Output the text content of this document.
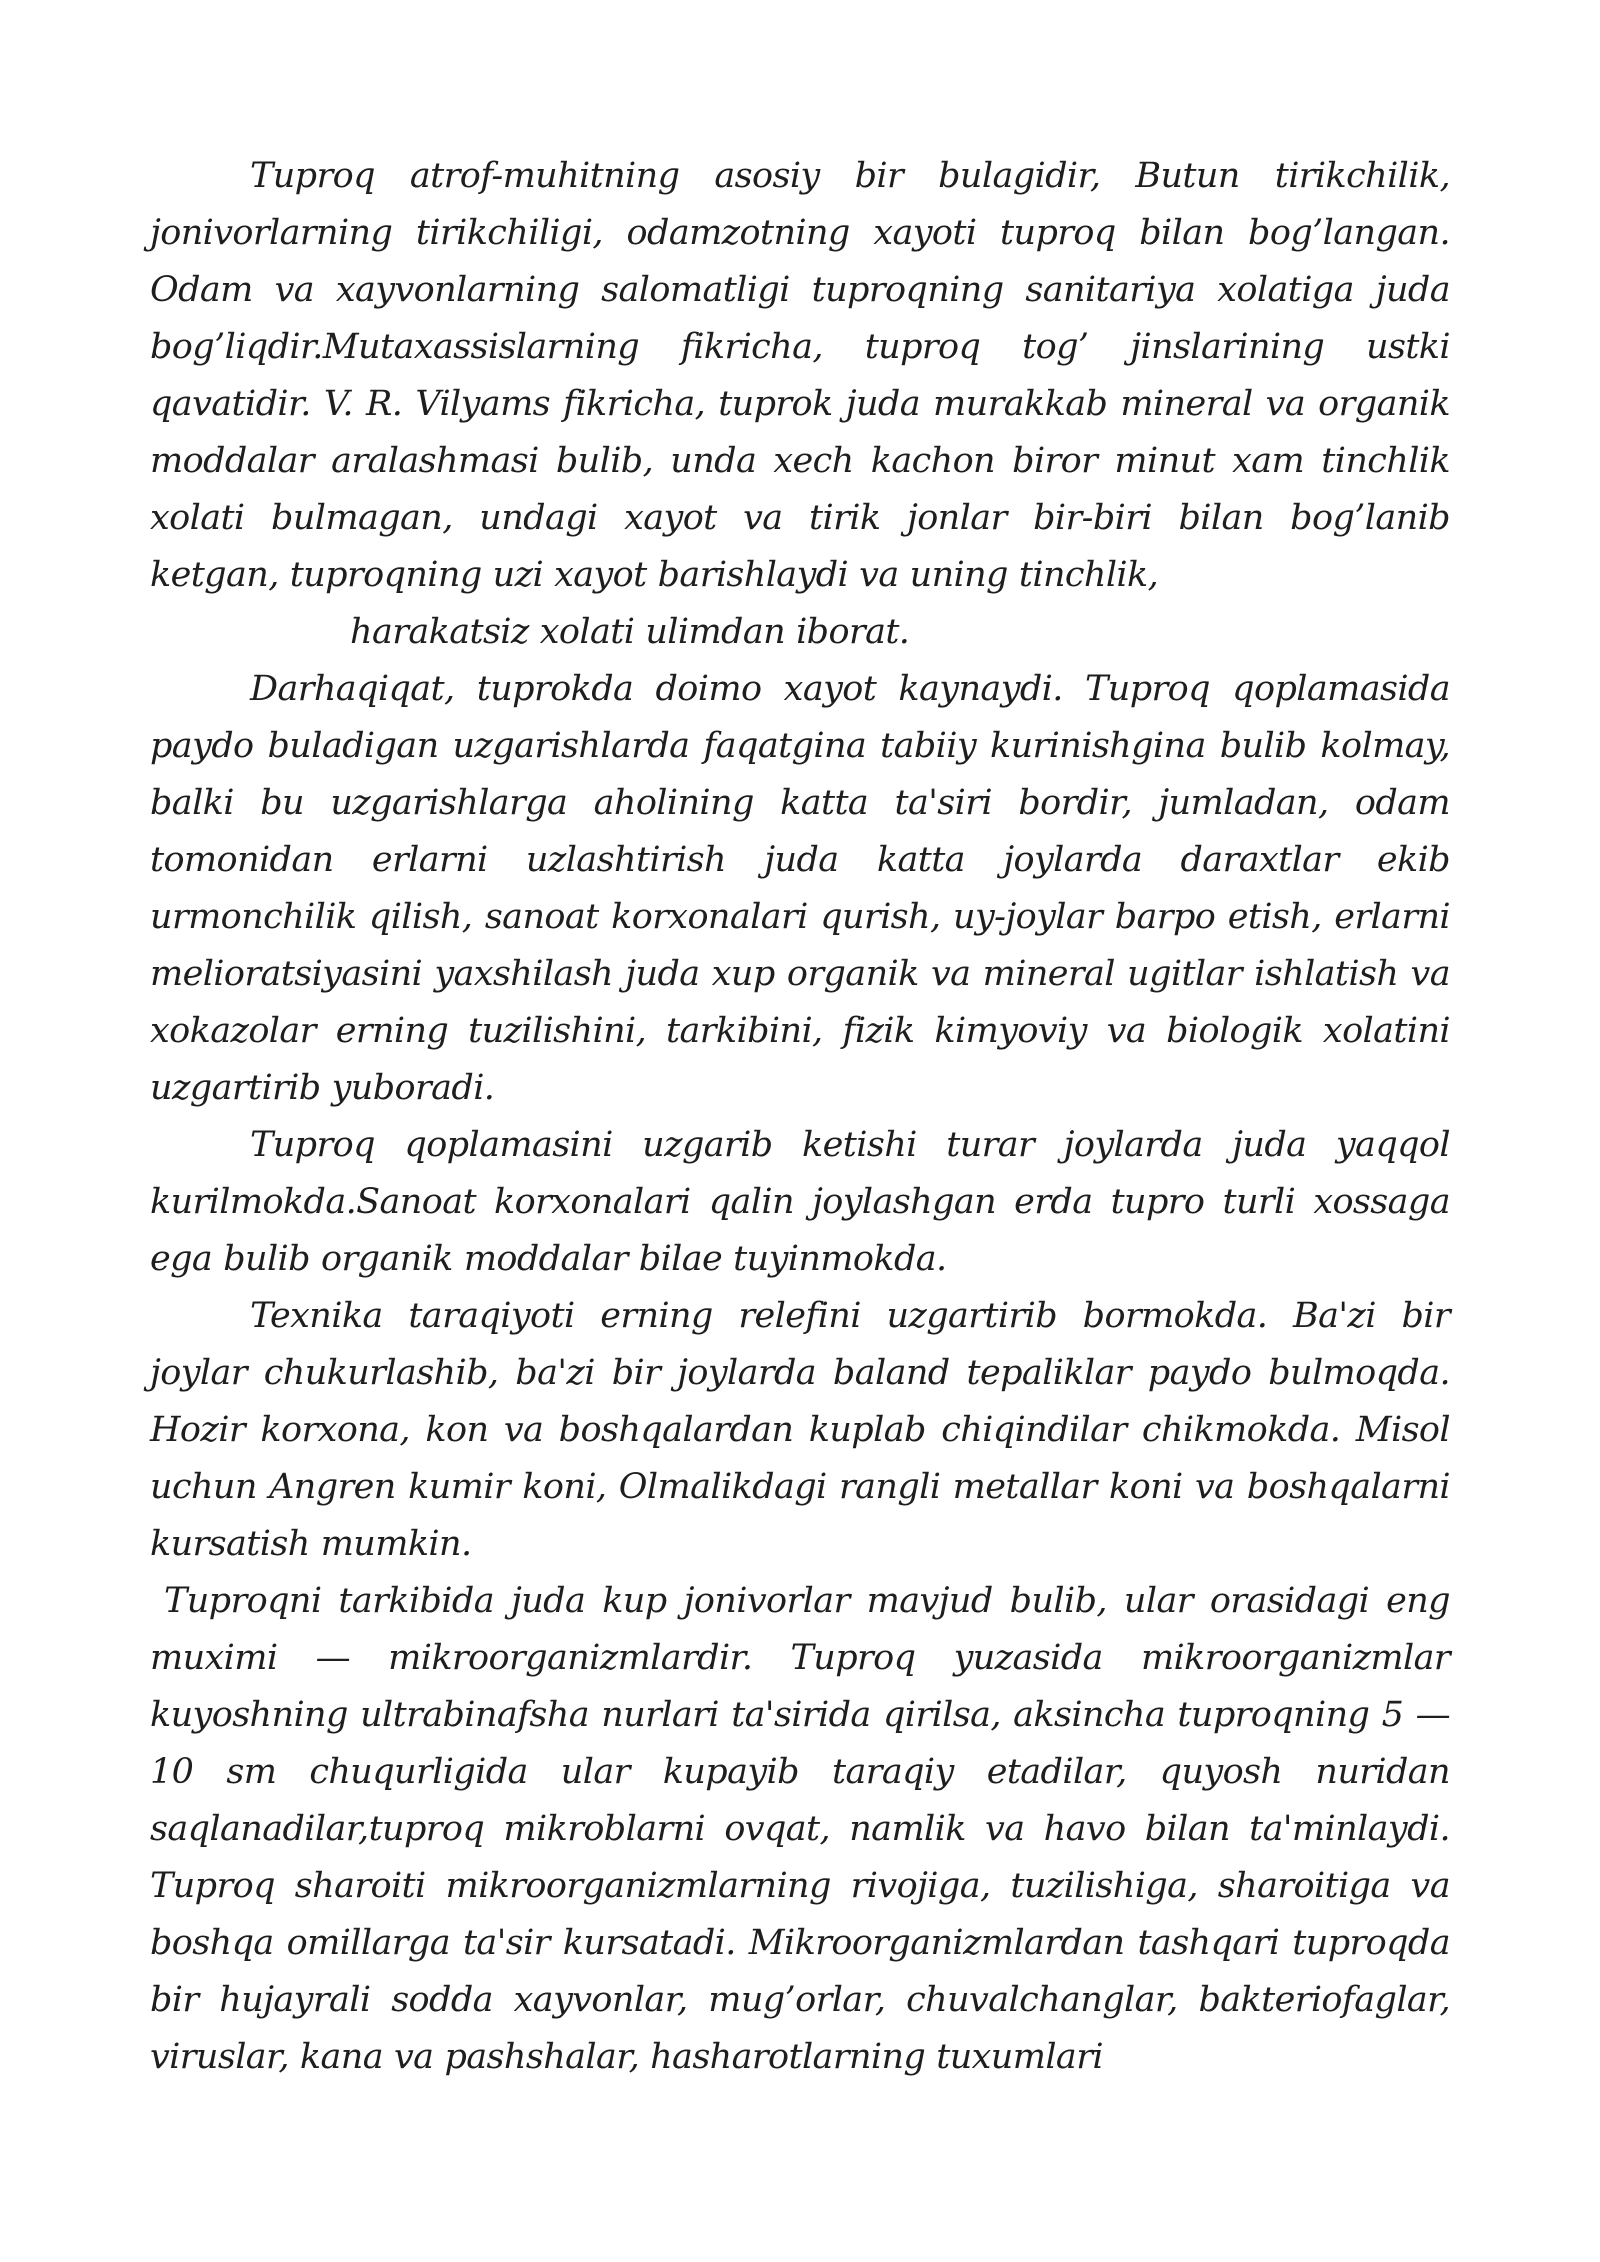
Tuproq atrof-muhitning asosiy bir bulagidir, Butun tirikchilik, jonivorlarning tirikchiligi, odamzotning xayoti tuproq bilan bog’langan. Odam va xayvonlarning salomatligi tuproqning sanitariya xolatiga juda bog’liqdir.Mutaxassislarning fikricha, tuproq tog’ jinslarining ustki qavatidir. V. R. Vilyams fikricha, tuprok juda murakkab mineral va organik moddalar aralashmasi bulib, unda xech kachon biror minut xam tinchlik xolati bulmagan, undagi xayot va tirik jonlar bir-biri bilan bog’lanib ketgan, tuproqning uzi xayot barishlaydi va uning tinchlik,
harakatsiz xolati ulimdan iborat.

Darhaqiqat, tuprokda doimo xayot kaynaydi. Tuproq qoplamasida paydo buladigan uzgarishlarda faqatgina tabiiy kurinishgina bulib kolmay, balki bu uzgarishlarga aholining katta ta'siri bordir, jumladan, odam tomonidan erlarni uzlashtirish juda katta joylarda daraxtlar ekib urmonchilik qilish, sanoat korxonalari qurish, uy-joylar barpo etish, erlarni melioratsiyasini yaxshilash juda xup organik va mineral ugitlar ishlatish va xokazolar erning tuzilishini, tarkibini, fizik kimyoviy va biologik xolatini uzgartirib yuboradi.

Tuproq qoplamasini uzgarib ketishi turar joylarda juda yaqqol kurilmokda.Sanoat korxonalari qalin joylashgan erda tupro turli xossaga ega bulib organik moddalar bilae tuyinmokda.

Texnika taraqiyoti erning relefini uzgartirib bormokda. Ba'zi bir joylar chukurlashib, ba'zi bir joylarda baland tepaliklar paydo bulmoqda. Hozir korxona, kon va boshqalardan kuplab chiqindilar chikmokda. Misol uchun Angren kumir koni, Olmalikdagi rangli metallar koni va boshqalarni kursatish mumkin.

Tuproqni tarkibida juda kup jonivorlar mavjud bulib, ular orasidagi eng muximi — mikroorganizmlardir. Tuproq yuzasida mikroorganizmlar kuyoshning ultrabinafsha nurlari ta'sirida qirilsa, aksincha tuproqning 5 —10 sm chuqurligida ular kupayib taraqiy etadilar, quyosh nuridan saqlanadilar,tuproq mikroblarni ovqat, namlik va havo bilan ta'minlaydi. Tuproq sharoiti mikroorganizmlarning rivojiga, tuzilishiga, sharoitiga va boshqa omillarga ta'sir kursatadi. Mikroorganizmlardan tashqari tuproqda bir hujayrali sodda xayvonlar, mug’orlar, chuvalchanglar, bakteriofaglar, viruslar, kana va pashshalar, hasharotlarning tuxumlari
